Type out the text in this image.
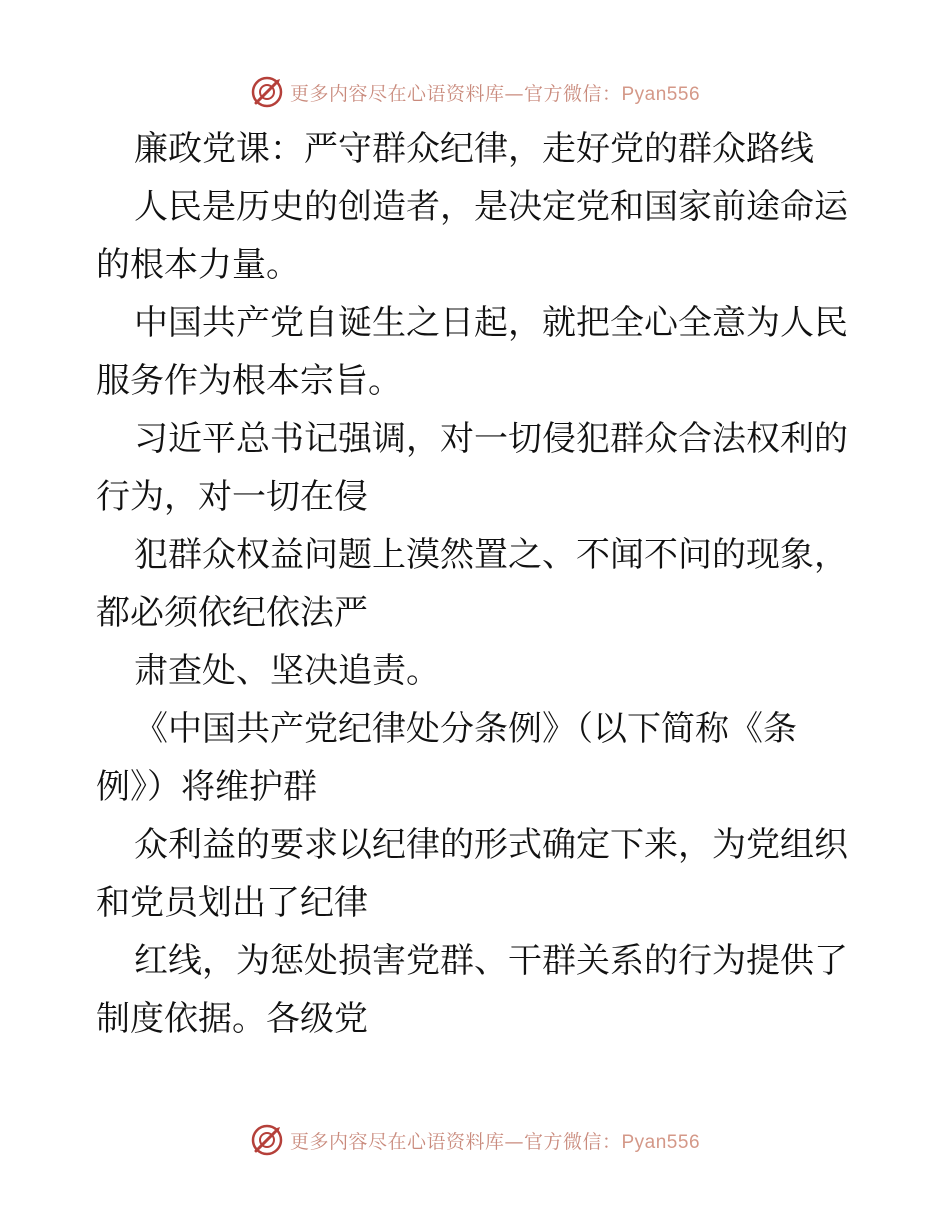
更多内容尽在心语资料库—官方微信：Pyan556

廉政党课：严守群众纪律，走好党的群众路线

人民是历史的创造者，是决定党和国家前途命运的根本力量。

中国共产党自诞生之日起，就把全心全意为人民服务作为根本宗旨。

习近平总书记强调，对一切侵犯群众合法权利的行为，对一切在侵

犯群众权益问题上漠然置之、不闻不问的现象，都必须依纪依法严

肃查处、坚决追责。

《中国共产党纪律处分条例》（以下简称《条例》）将维护群

众利益的要求以纪律的形式确定下来，为党组织和党员划出了纪律

红线，为惩处损害党群、干群关系的行为提供了制度依据。各级党

更多内容尽在心语资料库—官方微信：Pyan556
